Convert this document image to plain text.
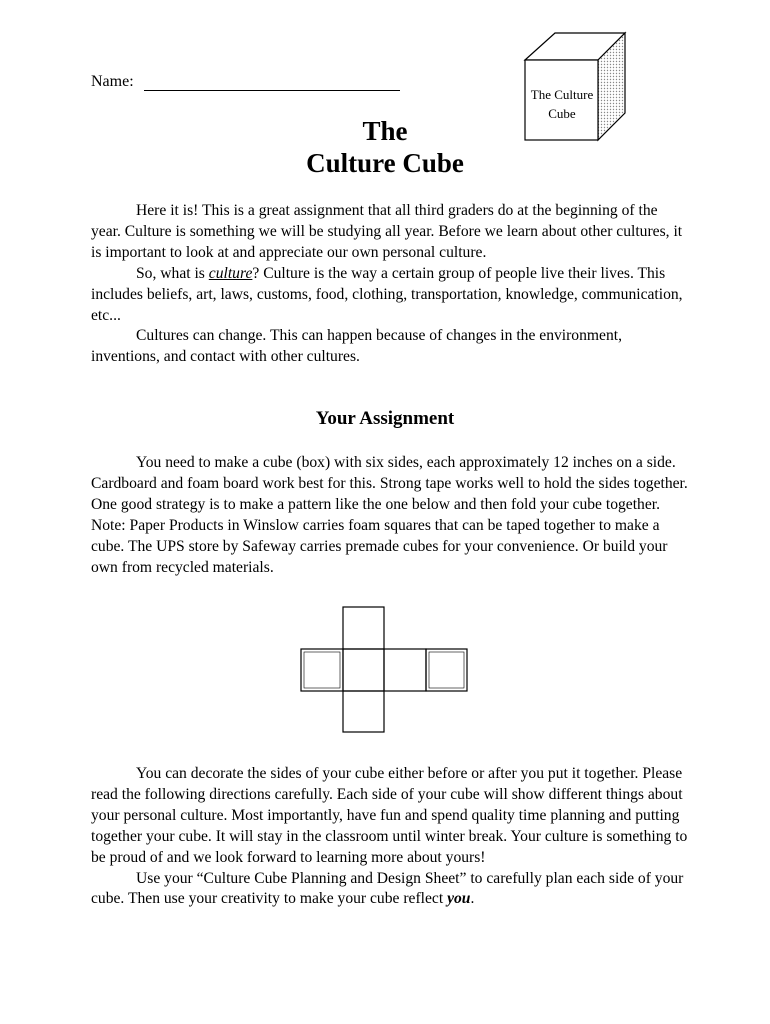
Name:
The Culture
Cube
The
Culture Cube

Here it is! This is a great assignment that all third graders do at the beginning of the year. Culture is something we will be studying all year. Before we learn about other cultures, it is important to look at and appreciate our own personal culture.

So, what is culture? Culture is the way a certain group of people live their lives. This includes beliefs, art, laws, customs, food, clothing, transportation, knowledge, communication, etc...

Cultures can change. This can happen because of changes in the environment, inventions, and contact with other cultures.

Your Assignment

You need to make a cube (box) with six sides, each approximately 12 inches on a side. Cardboard and foam board work best for this. Strong tape works well to hold the sides together. One good strategy is to make a pattern like the one below and then fold your cube together. Note: Paper Products in Winslow carries foam squares that can be taped together to make a cube. The UPS store by Safeway carries premade cubes for your convenience. Or build your own from recycled materials.

You can decorate the sides of your cube either before or after you put it together. Please read the following directions carefully. Each side of your cube will show different things about your personal culture. Most importantly, have fun and spend quality time planning and putting together your cube. It will stay in the classroom until winter break. Your culture is something to be proud of and we look forward to learning more about yours!

Use your “Culture Cube Planning and Design Sheet” to carefully plan each side of your cube. Then use your creativity to make your cube reflect you.
